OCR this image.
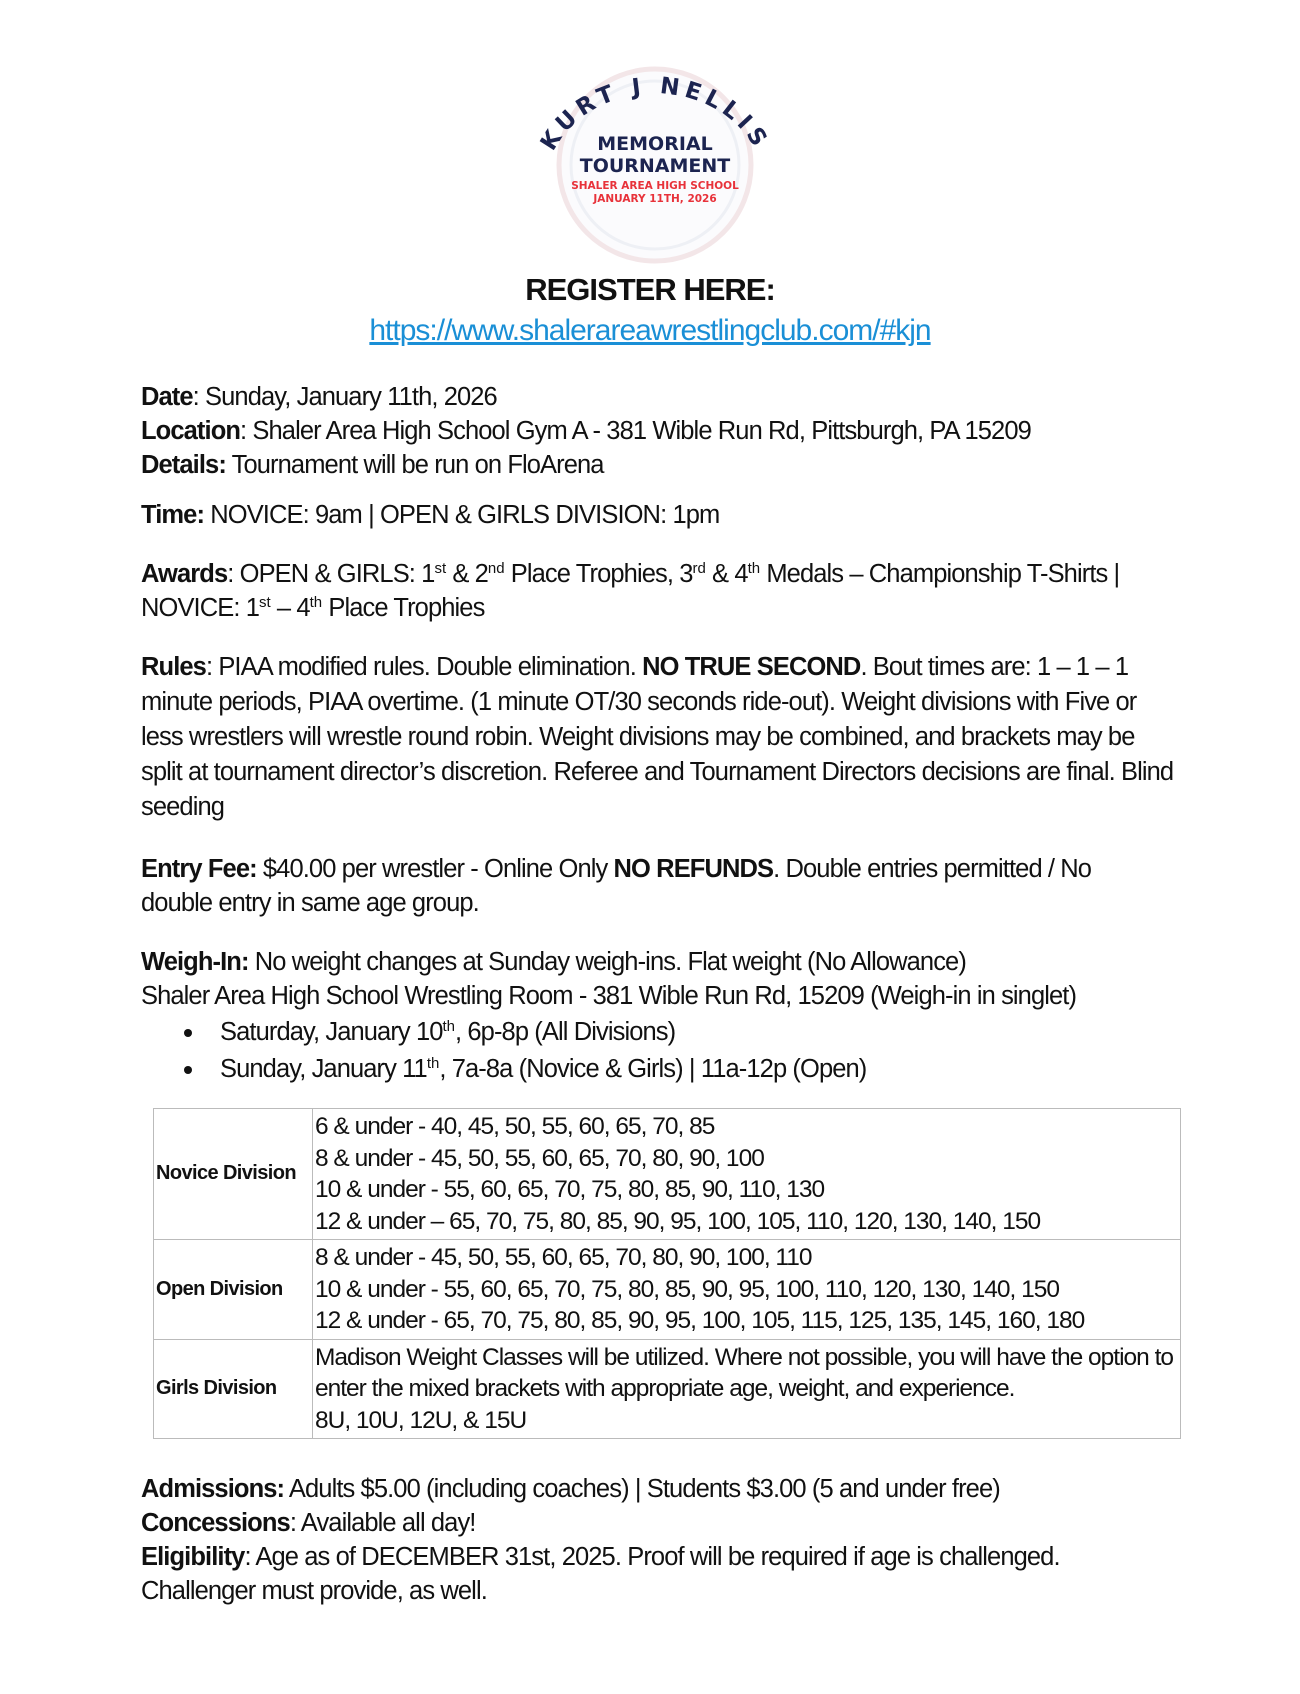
KURT J NELLIS
MEMORIAL
TOURNAMENT
SHALER AREA HIGH SCHOOL
JANUARY 11TH, 2026
REGISTER HERE:
https://www.shalerareawrestlingclub.com/#kjn
Date: Sunday, January 11th, 2026
Location: Shaler Area High School Gym A - 381 Wible Run Rd, Pittsburgh, PA 15209
Details: Tournament will be run on FloArena
Time: NOVICE: 9am | OPEN & GIRLS DIVISION: 1pm
Awards: OPEN & GIRLS: 1st & 2nd Place Trophies, 3rd & 4th Medals – Championship T-Shirts | NOVICE: 1st – 4th Place Trophies
Rules: PIAA modified rules. Double elimination. NO TRUE SECOND. Bout times are: 1 – 1 – 1 minute periods, PIAA overtime. (1 minute OT/30 seconds ride-out). Weight divisions with Five or less wrestlers will wrestle round robin. Weight divisions may be combined, and brackets may be split at tournament director’s discretion. Referee and Tournament Directors decisions are final. Blind seeding
Entry Fee: $40.00 per wrestler - Online Only NO REFUNDS. Double entries permitted / No double entry in same age group.
Weigh-In: No weight changes at Sunday weigh-ins. Flat weight (No Allowance)
Shaler Area High School Wrestling Room - 381 Wible Run Rd, 15209 (Weigh-in in singlet)
Saturday, January 10th, 6p-8p (All Divisions)
Sunday, January 11th, 7a-8a (Novice & Girls) | 11a-12p (Open)
Novice Division	6 & under - 40, 45, 50, 55, 60, 65, 70, 85
8 & under - 45, 50, 55, 60, 65, 70, 80, 90, 100
10 & under - 55, 60, 65, 70, 75, 80, 85, 90, 110, 130
12 & under – 65, 70, 75, 80, 85, 90, 95, 100, 105, 110, 120, 130, 140, 150

Open Division	8 & under - 45, 50, 55, 60, 65, 70, 80, 90, 100, 110
10 & under - 55, 60, 65, 70, 75, 80, 85, 90, 95, 100, 110, 120, 130, 140, 150
12 & under - 65, 70, 75, 80, 85, 90, 95, 100, 105, 115, 125, 135, 145, 160, 180

Girls Division	Madison Weight Classes will be utilized. Where not possible, you will have the option to enter the mixed brackets with appropriate age, weight, and experience.
8U, 10U, 12U, & 15U
Admissions: Adults $5.00 (including coaches) | Students $3.00 (5 and under free)
Concessions: Available all day!
Eligibility: Age as of DECEMBER 31st, 2025. Proof will be required if age is challenged. Challenger must provide, as well.
